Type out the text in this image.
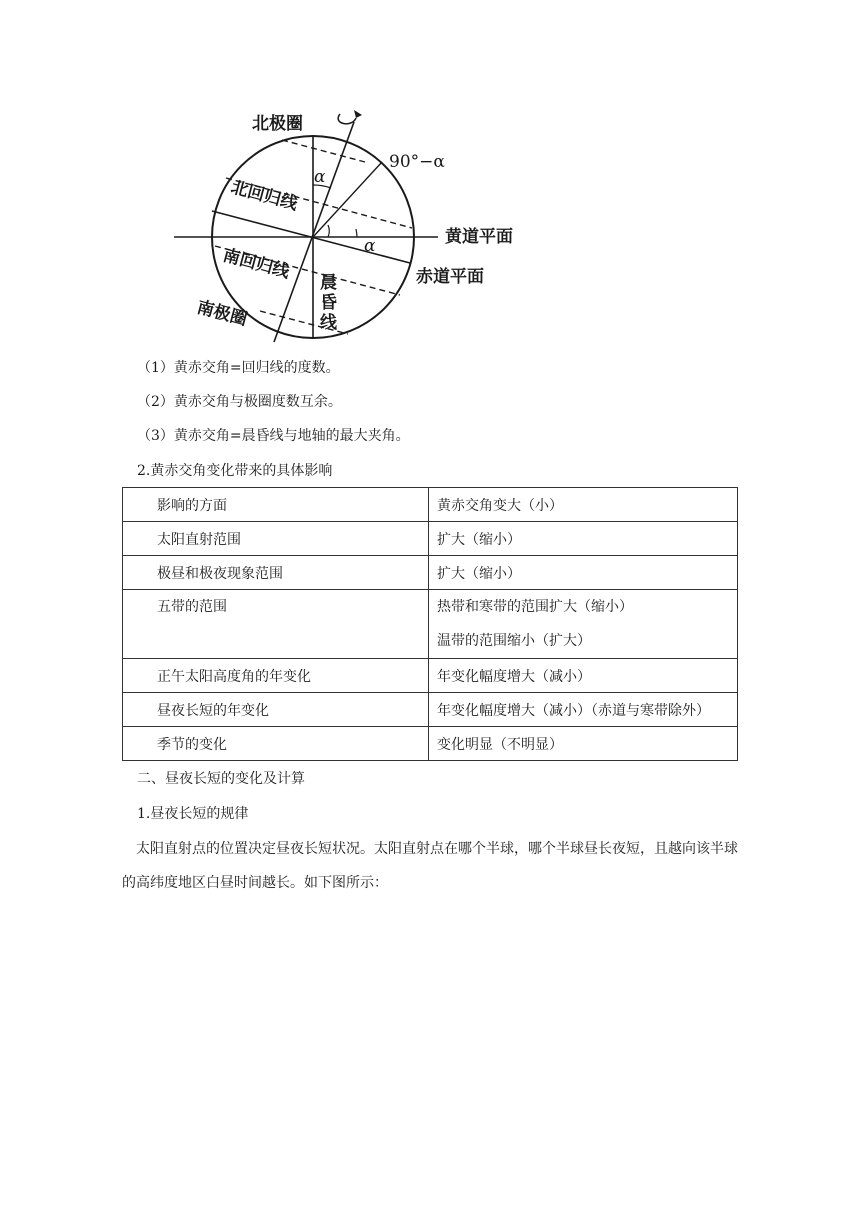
北极圈
北回归线
南回归线
南极圈
晨 昏 线
90°−α
α
α	黄道平面
赤道平面
（1）黄赤交角=回归线的度数。
（2）黄赤交角与极圈度数互余。
（3）黄赤交角=晨昏线与地轴的最大夹角。
2.黄赤交角变化带来的具体影响
影响的方面	黄赤交角变大（小）
太阳直射范围	扩大（缩小）
极昼和极夜现象范围	扩大（缩小）

五带的范围	热带和寒带的范围扩大（缩小）
温带的范围缩小（扩大）

正午太阳高度角的年变化	年变化幅度增大（减小）
昼夜长短的年变化	年变化幅度增大（减小）（赤道与寒带除外）
季节的变化	变化明显（不明显）
二、昼夜长短的变化及计算
1.昼夜长短的规律
太阳直射点的位置决定昼夜长短状况。太阳直射点在哪个半球，哪个半球昼长夜短，且越向该半球的高纬度地区白昼时间越长。如下图所示：
